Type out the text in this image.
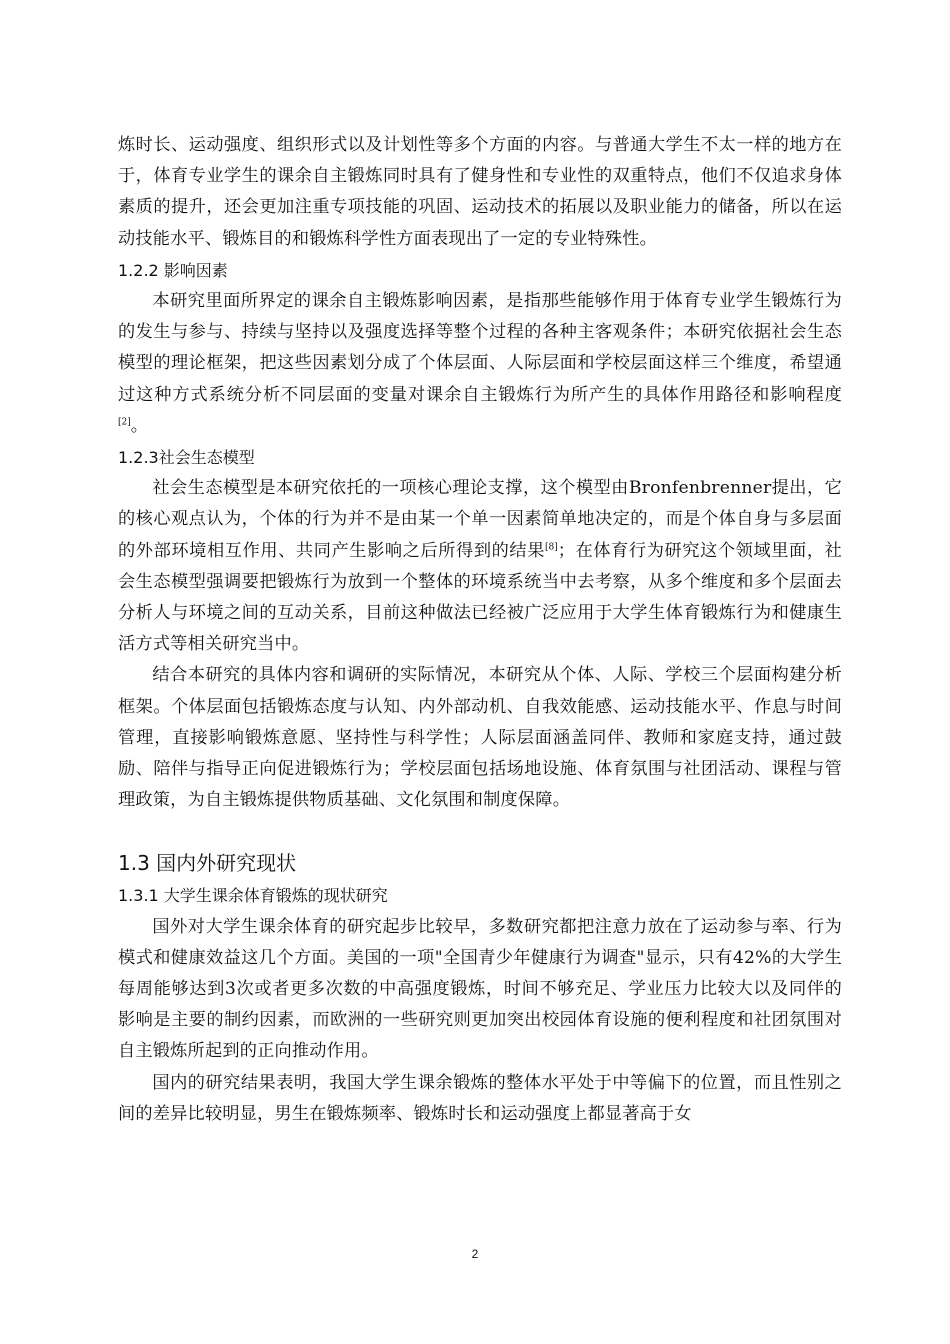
炼时长、运动强度、组织形式以及计划性等多个方面的内容。与普通大学生不太一样的地方在于，体育专业学生的课余自主锻炼同时具有了健身性和专业性的双重特点，他们不仅追求身体素质的提升，还会更加注重专项技能的巩固、运动技术的拓展以及职业能力的储备，所以在运动技能水平、锻炼目的和锻炼科学性方面表现出了一定的专业特殊性。

1.2.2 影响因素

本研究里面所界定的课余自主锻炼影响因素，是指那些能够作用于体育专业学生锻炼行为的发生与参与、持续与坚持以及强度选择等整个过程的各种主客观条件；本研究依据社会生态模型的理论框架，把这些因素划分成了个体层面、人际层面和学校层面这样三个维度，希望通过这种方式系统分析不同层面的变量对课余自主锻炼行为所产生的具体作用路径和影响程度[2]。

1.2.3社会生态模型

社会生态模型是本研究依托的一项核心理论支撑，这个模型由Bronfenbrenner提出，它的核心观点认为，个体的行为并不是由某一个单一因素简单地决定的，而是个体自身与多层面的外部环境相互作用、共同产生影响之后所得到的结果[8]；在体育行为研究这个领域里面，社会生态模型强调要把锻炼行为放到一个整体的环境系统当中去考察，从多个维度和多个层面去分析人与环境之间的互动关系，目前这种做法已经被广泛应用于大学生体育锻炼行为和健康生活方式等相关研究当中。

结合本研究的具体内容和调研的实际情况，本研究从个体、人际、学校三个层面构建分析框架。个体层面包括锻炼态度与认知、内外部动机、自我效能感、运动技能水平、作息与时间管理，直接影响锻炼意愿、坚持性与科学性；人际层面涵盖同伴、教师和家庭支持，通过鼓励、陪伴与指导正向促进锻炼行为；学校层面包括场地设施、体育氛围与社团活动、课程与管理政策，为自主锻炼提供物质基础、文化氛围和制度保障。

1.3 国内外研究现状

1.3.1 大学生课余体育锻炼的现状研究

国外对大学生课余体育的研究起步比较早，多数研究都把注意力放在了运动参与率、行为模式和健康效益这几个方面。美国的一项"全国青少年健康行为调查"显示，只有42%的大学生每周能够达到3次或者更多次数的中高强度锻炼，时间不够充足、学业压力比较大以及同伴的影响是主要的制约因素，而欧洲的一些研究则更加突出校园体育设施的便利程度和社团氛围对自主锻炼所起到的正向推动作用。

国内的研究结果表明，我国大学生课余锻炼的整体水平处于中等偏下的位置，而且性别之间的差异比较明显，男生在锻炼频率、锻炼时长和运动强度上都显著高于女

2
